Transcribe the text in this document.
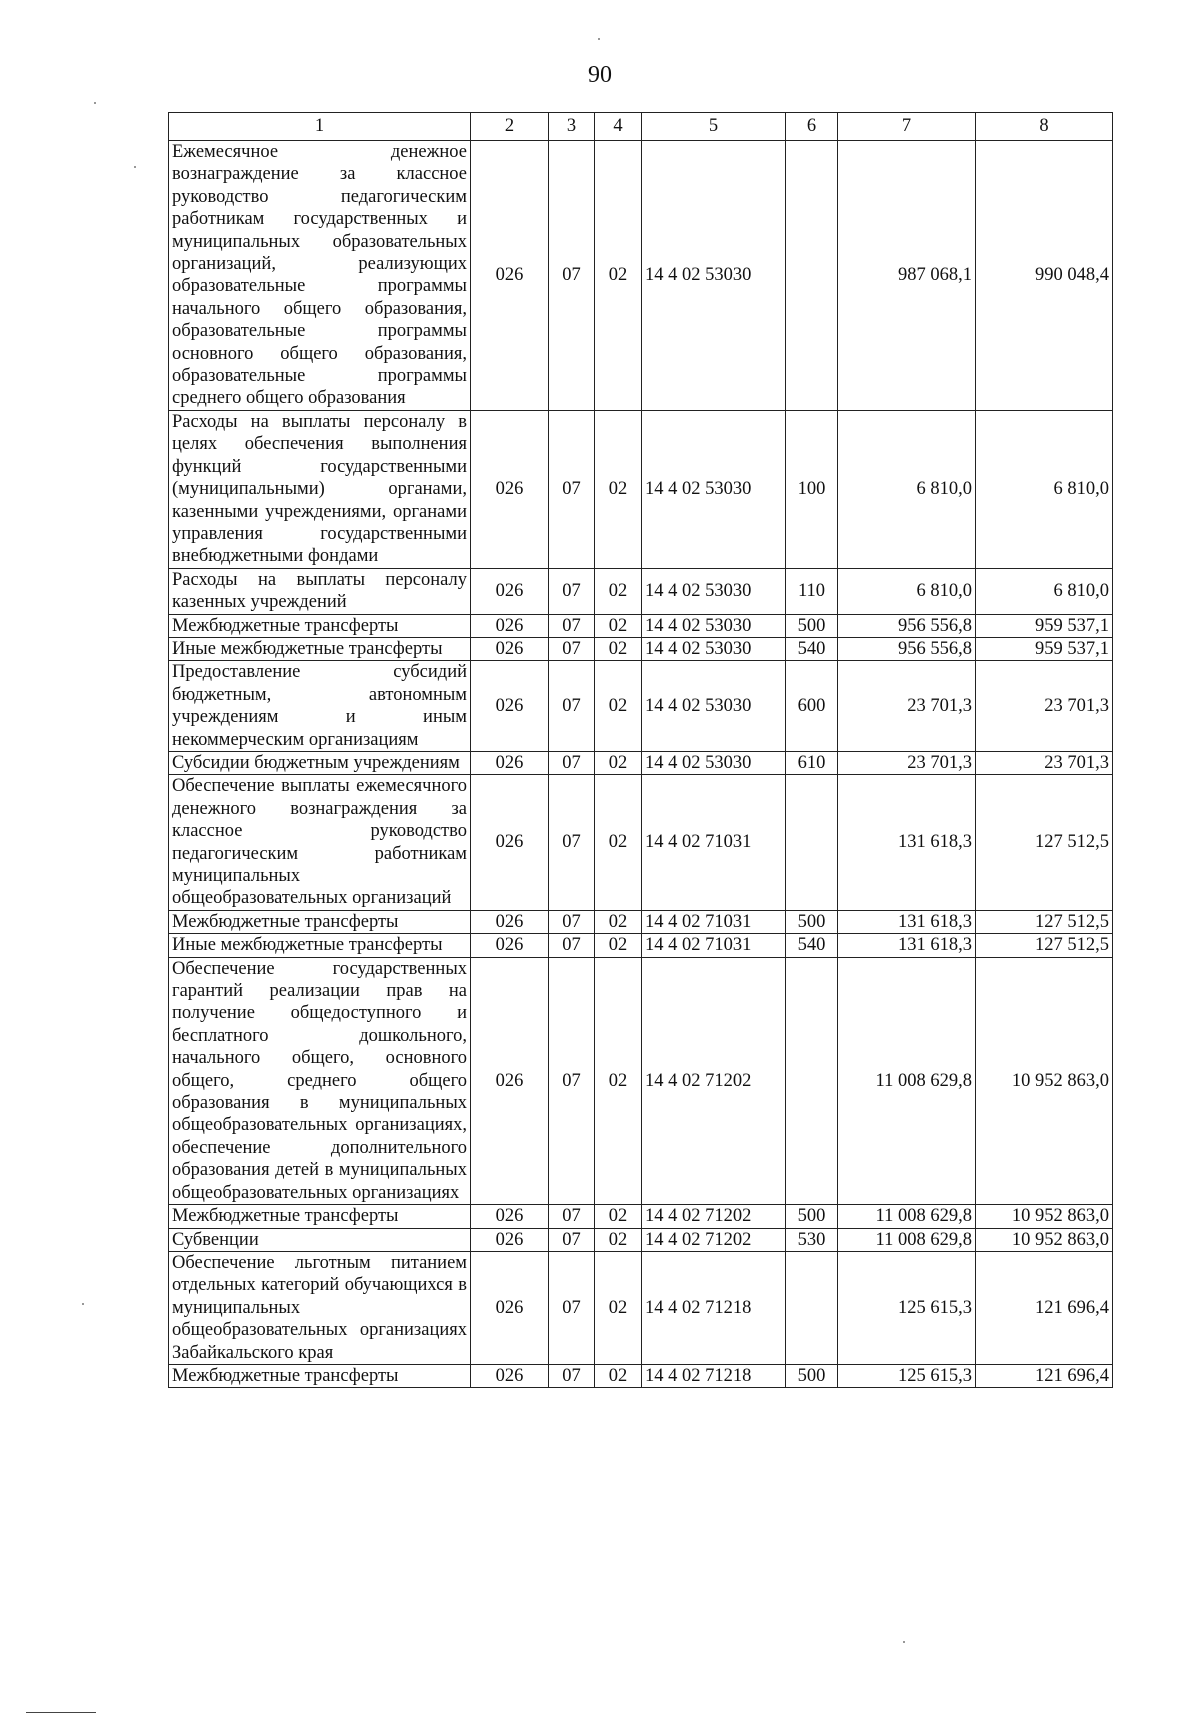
90
1	2	3	4	5	6	7	8
Ежемесячное денежное вознаграждение за классное руководство педагогическим работникам государственных и муниципальных образовательных организаций, реализующих образовательные программы начального общего образования, образовательные программы основного общего образования, образовательные программы среднего общего образования	026	07	02	14 4 02 53030		987 068,1	990 048,4
Расходы на выплаты персоналу в целях обеспечения выполнения функций государственными (муниципальными) органами, казенными учреждениями, органами управления государственными внебюджетными фондами	026	07	02	14 4 02 53030	100	6 810,0	6 810,0
Расходы на выплаты персоналу казенных учреждений	026	07	02	14 4 02 53030	110	6 810,0	6 810,0
Межбюджетные трансферты	026	07	02	14 4 02 53030	500	956 556,8	959 537,1
Иные межбюджетные трансферты	026	07	02	14 4 02 53030	540	956 556,8	959 537,1
Предоставление субсидий бюджетным, автономным учреждениям и иным некоммерческим организациям	026	07	02	14 4 02 53030	600	23 701,3	23 701,3
Субсидии бюджетным учреждениям	026	07	02	14 4 02 53030	610	23 701,3	23 701,3
Обеспечение выплаты ежемесячного денежного вознаграждения за классное руководство педагогическим работникам муниципальных общеобразовательных организаций	026	07	02	14 4 02 71031		131 618,3	127 512,5
Межбюджетные трансферты	026	07	02	14 4 02 71031	500	131 618,3	127 512,5
Иные межбюджетные трансферты	026	07	02	14 4 02 71031	540	131 618,3	127 512,5
Обеспечение государственных гарантий реализации прав на получение общедоступного и бесплатного дошкольного, начального общего, основного общего, среднего общего образования в муниципальных общеобразовательных организациях, обеспечение дополнительного образования детей в муниципальных общеобразовательных организациях	026	07	02	14 4 02 71202		11 008 629,8	10 952 863,0
Межбюджетные трансферты	026	07	02	14 4 02 71202	500	11 008 629,8	10 952 863,0
Субвенции	026	07	02	14 4 02 71202	530	11 008 629,8	10 952 863,0
Обеспечение льготным питанием отдельных категорий обучающихся в муниципальных общеобразовательных организациях Забайкальского края	026	07	02	14 4 02 71218		125 615,3	121 696,4
Межбюджетные трансферты	026	07	02	14 4 02 71218	500	125 615,3	121 696,4
